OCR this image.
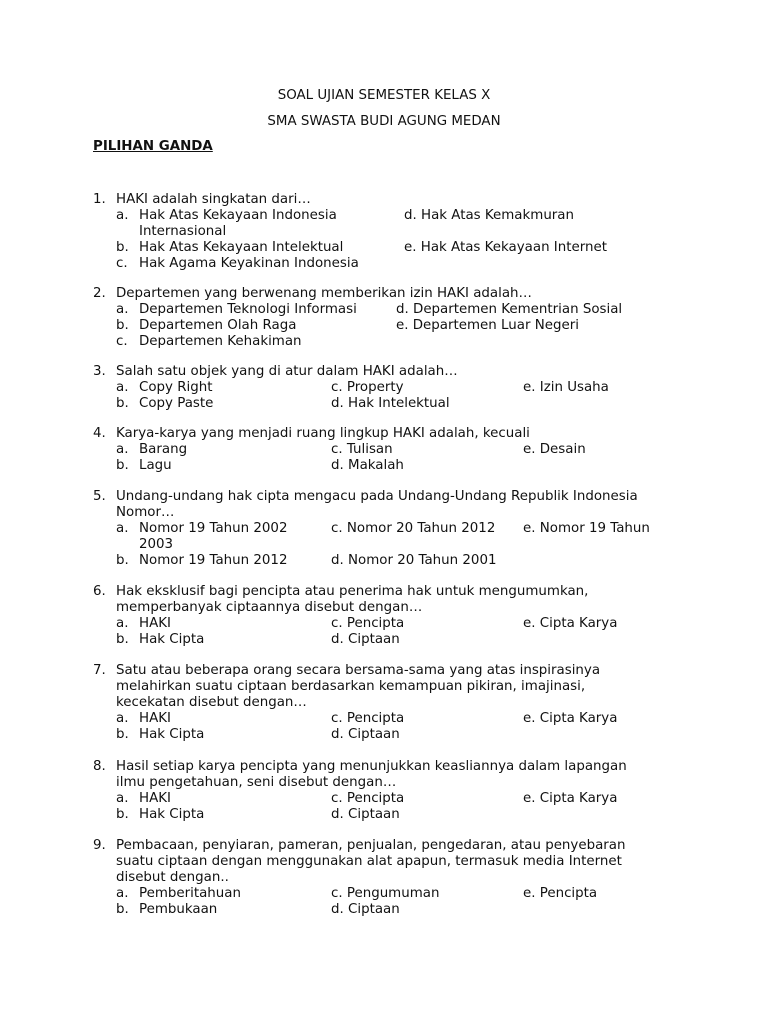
SOAL UJIAN SEMESTER KELAS X
SMA SWASTA BUDI AGUNG MEDAN
PILIHAN GANDA
1. HAKI adalah singkatan dari…
a. Hak Atas Kekayaan Indonesia	d. Hak Atas Kemakmuran
Internasional
b. Hak Atas Kekayaan Intelektual	e. Hak Atas Kekayaan Internet
c. Hak Agama Keyakinan Indonesia
2. Departemen yang berwenang memberikan izin HAKI adalah…
a. Departemen Teknologi Informasi	d. Departemen Kementrian Sosial
b. Departemen Olah Raga	e. Departemen Luar Negeri
c. Departemen Kehakiman
3. Salah satu objek yang di atur dalam HAKI adalah…
a. Copy Right	c. Property	e. Izin Usaha
b. Copy Paste	d. Hak Intelektual
4. Karya-karya yang menjadi ruang lingkup HAKI adalah, kecuali
a. Barang	c. Tulisan	e. Desain
b. Lagu	d. Makalah
5. Undang-undang hak cipta mengacu pada Undang-Undang Republik Indonesia
Nomor…
a. Nomor 19 Tahun 2002	c. Nomor 20 Tahun 2012 e. Nomor 19 Tahun
2003
b. Nomor 19 Tahun 2012	d. Nomor 20 Tahun 2001
6. Hak eksklusif bagi pencipta atau penerima hak untuk mengumumkan,
memperbanyak ciptaannya disebut dengan…
a. HAKI	c. Pencipta	e. Cipta Karya
b. Hak Cipta	d. Ciptaan
7. Satu atau beberapa orang secara bersama-sama yang atas inspirasinya
melahirkan suatu ciptaan berdasarkan kemampuan pikiran, imajinasi,
kecekatan disebut dengan…
a. HAKI	c. Pencipta	e. Cipta Karya
b. Hak Cipta	d. Ciptaan
8. Hasil setiap karya pencipta yang menunjukkan keasliannya dalam lapangan
ilmu pengetahuan, seni disebut dengan…
a. HAKI	c. Pencipta	e. Cipta Karya
b. Hak Cipta	d. Ciptaan
9. Pembacaan, penyiaran, pameran, penjualan, pengedaran, atau penyebaran
suatu ciptaan dengan menggunakan alat apapun, termasuk media Internet
disebut dengan..
a. Pemberitahuan	c. Pengumuman	e. Pencipta
b. Pembukaan	d. Ciptaan
